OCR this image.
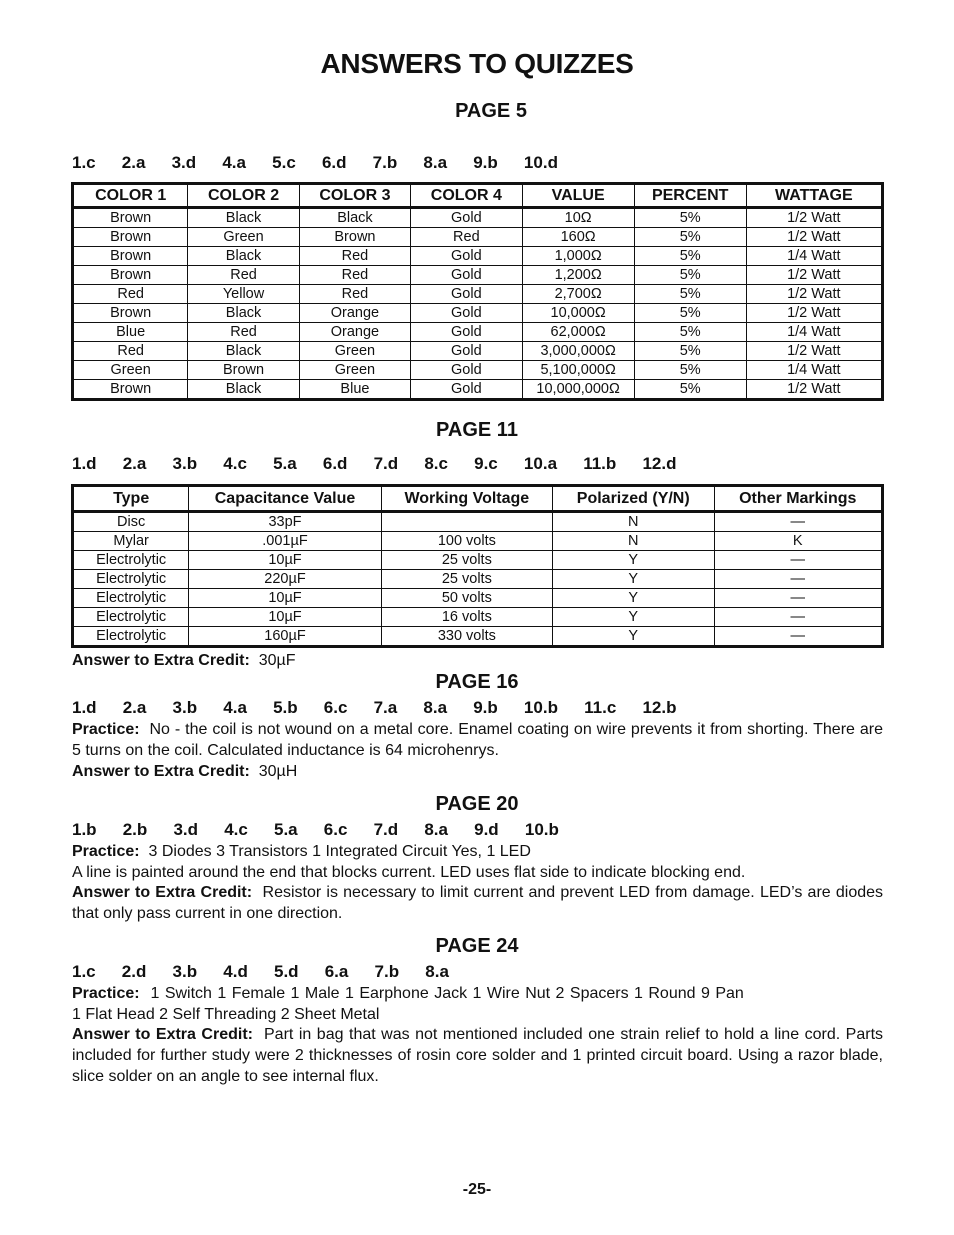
ANSWERS TO QUIZZES
PAGE 5
1.c   2.a   3.d   4.a   5.c   6.d   7.b   8.a   9.b   10.d
COLOR 1	COLOR 2	COLOR 3	COLOR 4	VALUE	PERCENT	WATTAGE
Brown	Black	Black	Gold	10Ω	5%	1/2 Watt
Brown	Green	Brown	Red	160Ω	5%	1/2 Watt
Brown	Black	Red	Gold	1,000Ω	5%	1/4 Watt
Brown	Red	Red	Gold	1,200Ω	5%	1/2 Watt
Red	Yellow	Red	Gold	2,700Ω	5%	1/2 Watt
Brown	Black	Orange	Gold	10,000Ω	5%	1/2 Watt
Blue	Red	Orange	Gold	62,000Ω	5%	1/4 Watt
Red	Black	Green	Gold	3,000,000Ω	5%	1/2 Watt
Green	Brown	Green	Gold	5,100,000Ω	5%	1/4 Watt
Brown	Black	Blue	Gold	10,000,000Ω	5%	1/2 Watt
PAGE 11
1.d   2.a   3.b   4.c   5.a   6.d   7.d   8.c   9.c   10.a   11.b   12.d
Type	Capacitance Value	Working Voltage	Polarized (Y/N)	Other Markings
Disc	33pF		N	—
Mylar	.001µF	100 volts	N	K
Electrolytic	10µF	25 volts	Y	—
Electrolytic	220µF	25 volts	Y	—
Electrolytic	10µF	50 volts	Y	—
Electrolytic	10µF	16 volts	Y	—
Electrolytic	160µF	330 volts	Y	—
Answer to Extra Credit: 30µF
PAGE 16
1.d   2.a   3.b   4.a   5.b   6.c   7.a   8.a   9.b   10.b   11.c   12.b
Practice: No - the coil is not wound on a metal core. Enamel coating on wire prevents it from shorting. There are 5 turns on the coil. Calculated inductance is 64 microhenrys.
Answer to Extra Credit: 30µH
PAGE 20
1.b   2.b   3.d   4.c   5.a   6.c   7.d   8.a   9.d   10.b
Practice: 3 Diodes 3 Transistors 1 Integrated Circuit Yes, 1 LED
A line is painted around the end that blocks current. LED uses flat side to indicate blocking end.
Answer to Extra Credit: Resistor is necessary to limit current and prevent LED from damage. LED’s are diodes that only pass current in one direction.
PAGE 24
1.c   2.d   3.b   4.d   5.d   6.a   7.b   8.a
Practice: 1 Switch 1 Female 1 Male 1 Earphone Jack 1 Wire Nut 2 Spacers 1 Round 9 Pan
1 Flat Head 2 Self Threading 2 Sheet Metal
Answer to Extra Credit: Part in bag that was not mentioned included one strain relief to hold a line cord. Parts included for further study were 2 thicknesses of rosin core solder and 1 printed circuit board. Using a razor blade, slice solder on an angle to see internal flux.
-25-
